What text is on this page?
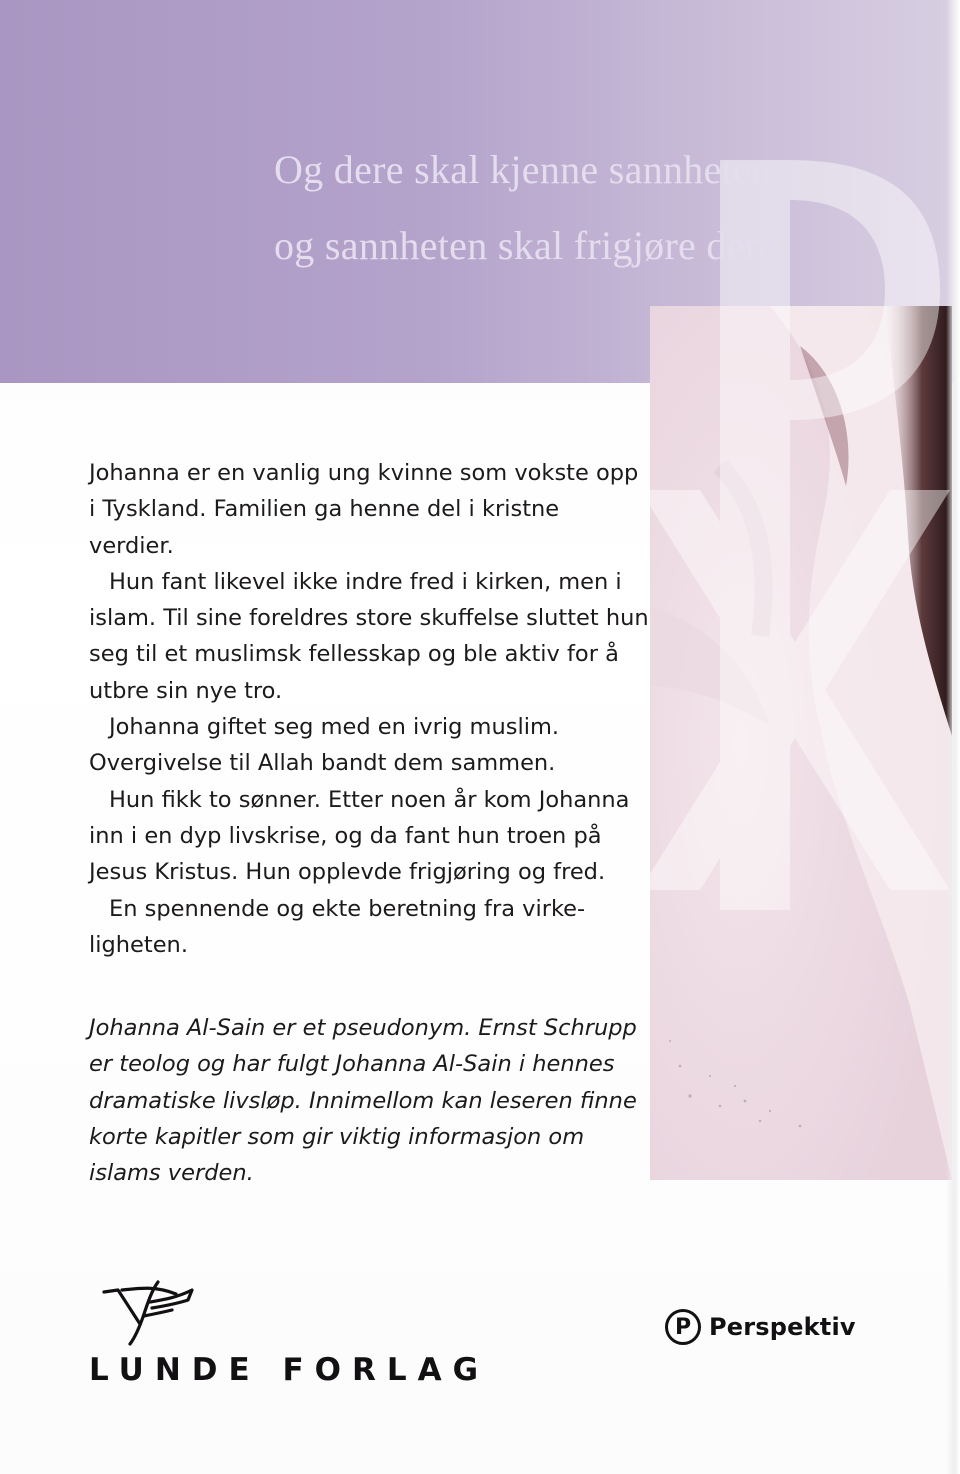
Og dere skal kjenne sannheten,
og sannheten skal frigjøre dere.

Johanna er en vanlig ung kvinne som vokste opp i Tyskland. Familien ga henne del i kristne verdier.

Hun fant likevel ikke indre fred i kirken, men i islam. Til sine foreldres store skuffelse sluttet hun seg til et muslimsk fellesskap og ble aktiv for å utbre sin nye tro.

Johanna giftet seg med en ivrig muslim. Overgivelse til Allah bandt dem sammen.

Hun fikk to sønner. Etter noen år kom Johanna inn i en dyp livskrise, og da fant hun troen på Jesus Kristus. Hun opplevde frigjøring og fred.

En spennende og ekte beretning fra virkeligheten.

Johanna Al-Sain er et pseudonym. Ernst Schrupp er teolog og har fulgt Johanna Al-Sain i hennes dramatiske livsløp. Innimellom kan leseren finne korte kapitler som gir viktig informasjon om islams verden.
LUNDE FORLAG
P Perspektiv
